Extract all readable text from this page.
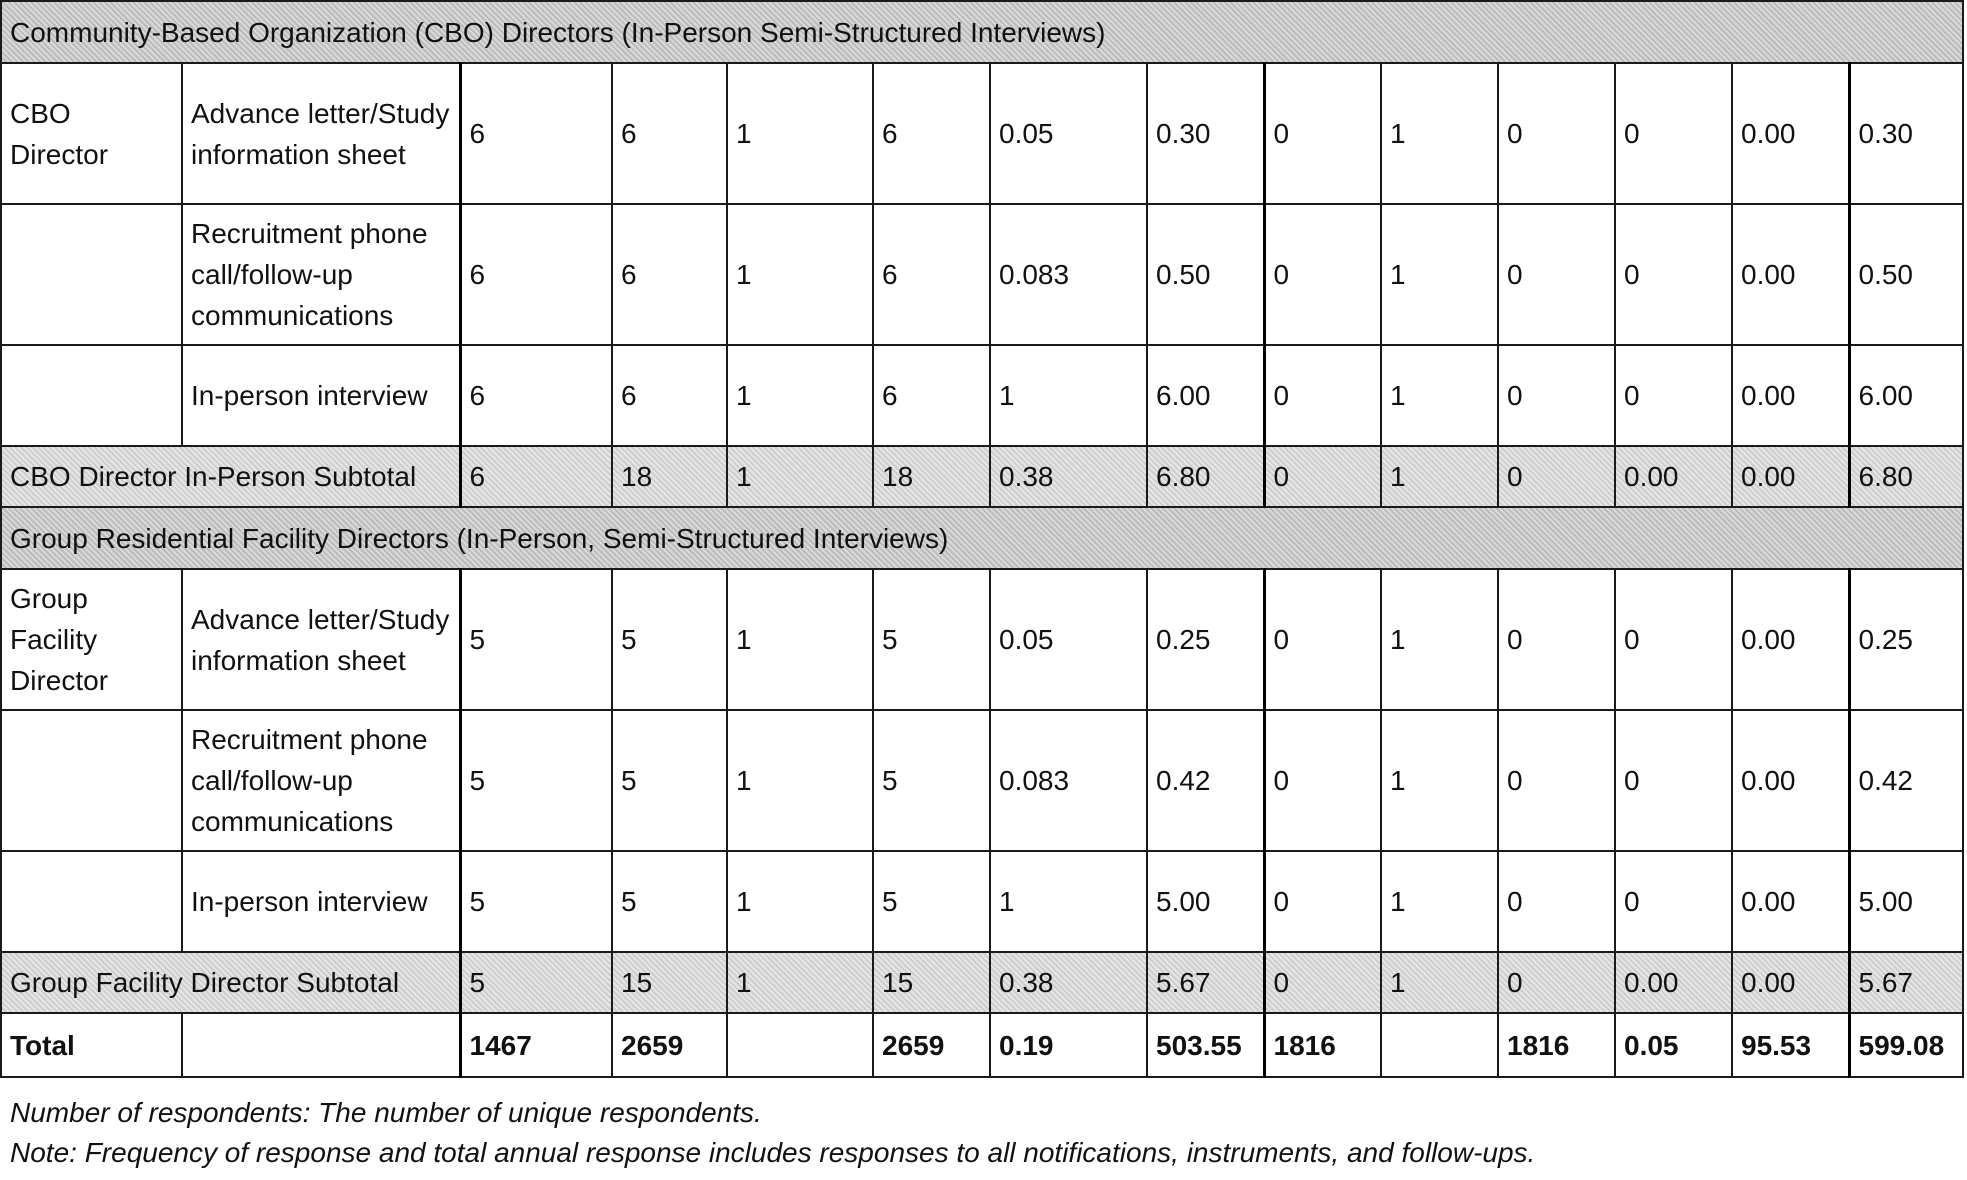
Community-Based Organization (CBO) Directors (In-Person Semi-Structured Interviews)													
CBO Director	Advance letter/Study information sheet	6	6	1	6	0.05	0.30	0	1	0	0	0.00	0.30
	Recruitment phone call/follow-up communications	6	6	1	6	0.083	0.50	0	1	0	0	0.00	0.50
	In-person interview	6	6	1	6	1	6.00	0	1	0	0	0.00	6.00
CBO Director In-Person Subtotal		6	18	1	18	0.38	6.80	0	1	0	0.00	0.00	6.80
Group Residential Facility Directors (In-Person, Semi-Structured Interviews)													
Group Facility Director	Advance letter/Study information sheet	5	5	1	5	0.05	0.25	0	1	0	0	0.00	0.25
	Recruitment phone call/follow-up communications	5	5	1	5	0.083	0.42	0	1	0	0	0.00	0.42
	In-person interview	5	5	1	5	1	5.00	0	1	0	0	0.00	5.00
Group Facility Director Subtotal		5	15	1	15	0.38	5.67	0	1	0	0.00	0.00	5.67
Total		1467	2659		2659	0.19	503.55	1816		1816	0.05	95.53	599.08
Number of respondents: The number of unique respondents.
Note: Frequency of response and total annual response includes responses to all notifications, instruments, and follow-ups.
